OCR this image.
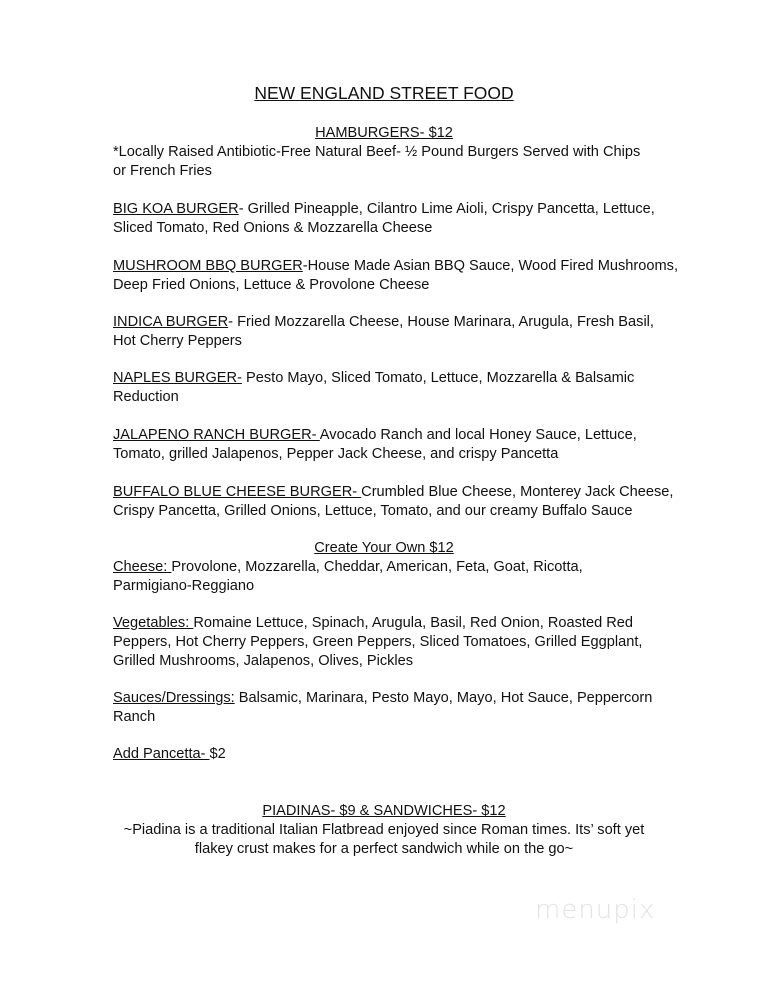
NEW ENGLAND STREET FOOD
HAMBURGERS- $12
*Locally Raised Antibiotic-Free Natural Beef- ½ Pound Burgers Served with Chips
or French Fries
BIG KOA BURGER- Grilled Pineapple, Cilantro Lime Aioli, Crispy Pancetta, Lettuce,
Sliced Tomato, Red Onions & Mozzarella Cheese
MUSHROOM BBQ BURGER-House Made Asian BBQ Sauce, Wood Fired Mushrooms,
Deep Fried Onions, Lettuce & Provolone Cheese
INDICA BURGER- Fried Mozzarella Cheese, House Marinara, Arugula, Fresh Basil,
Hot Cherry Peppers
NAPLES BURGER- Pesto Mayo, Sliced Tomato, Lettuce, Mozzarella & Balsamic
Reduction
JALAPENO RANCH BURGER- Avocado Ranch and local Honey Sauce, Lettuce,
Tomato, grilled Jalapenos, Pepper Jack Cheese, and crispy Pancetta
BUFFALO BLUE CHEESE BURGER- Crumbled Blue Cheese, Monterey Jack Cheese,
Crispy Pancetta, Grilled Onions, Lettuce, Tomato, and our creamy Buffalo Sauce
Create Your Own $12
Cheese: Provolone, Mozzarella, Cheddar, American, Feta, Goat, Ricotta,
Parmigiano-Reggiano
Vegetables: Romaine Lettuce, Spinach, Arugula, Basil, Red Onion, Roasted Red
Peppers, Hot Cherry Peppers, Green Peppers, Sliced Tomatoes, Grilled Eggplant,
Grilled Mushrooms, Jalapenos, Olives, Pickles
Sauces/Dressings: Balsamic, Marinara, Pesto Mayo, Mayo, Hot Sauce, Peppercorn
Ranch
Add Pancetta- $2
PIADINAS- $9 & SANDWICHES- $12
~Piadina is a traditional Italian Flatbread enjoyed since Roman times. Its’ soft yet
flakey crust makes for a perfect sandwich while on the go~
menupix
